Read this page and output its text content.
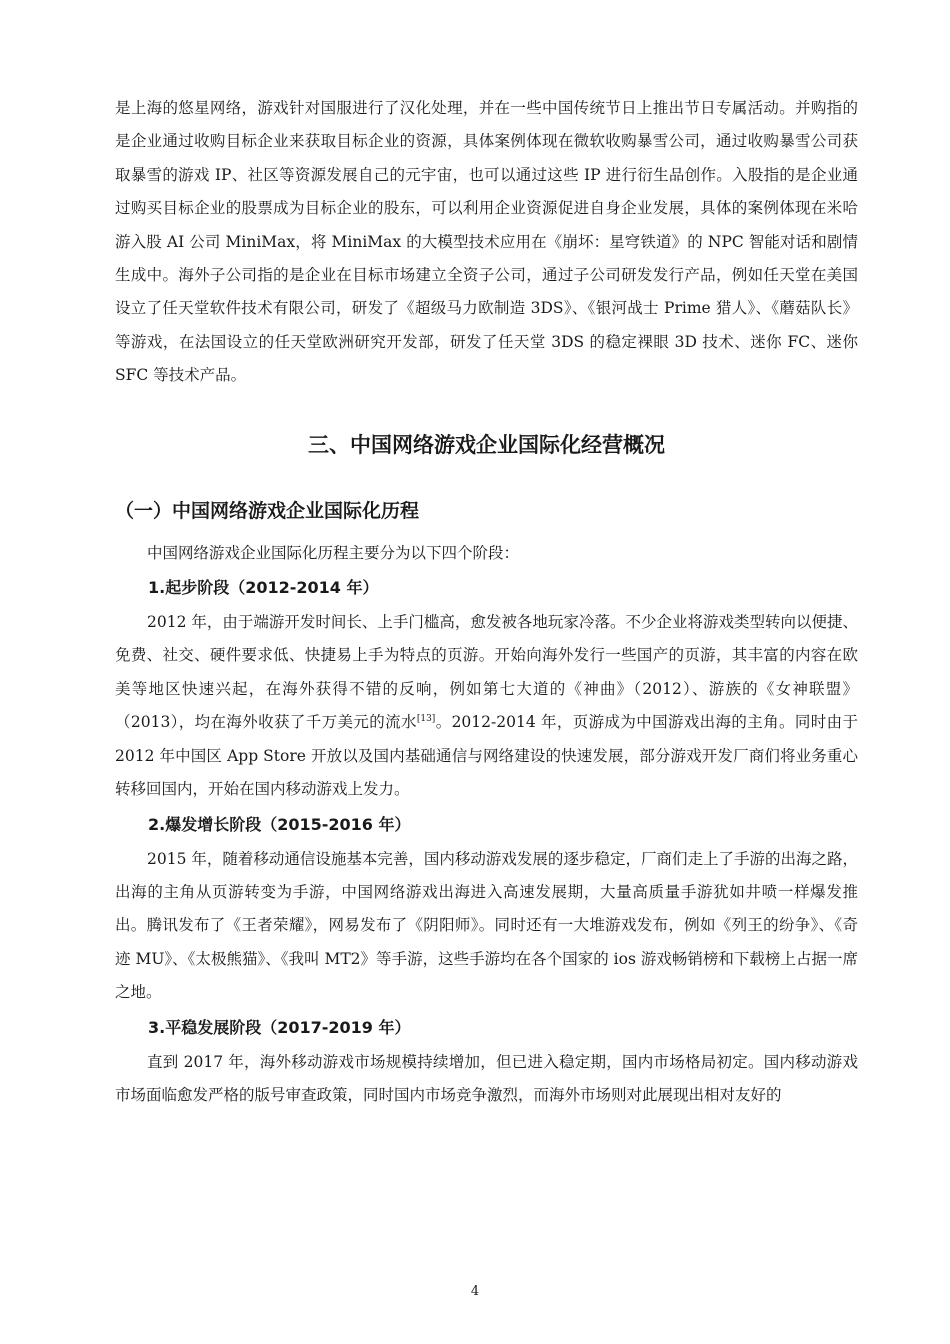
是上海的悠星网络，游戏针对国服进行了汉化处理，并在一些中国传统节日上推出节日专属活动。并购指的是企业通过收购目标企业来获取目标企业的资源，具体案例体现在微软收购暴雪公司，通过收购暴雪公司获取暴雪的游戏 IP、社区等资源发展自己的元宇宙，也可以通过这些 IP 进行衍生品创作。入股指的是企业通过购买目标企业的股票成为目标企业的股东，可以利用企业资源促进自身企业发展，具体的案例体现在米哈游入股 AI 公司 MiniMax，将 MiniMax 的大模型技术应用在《崩坏：星穹铁道》的 NPC 智能对话和剧情生成中。海外子公司指的是企业在目标市场建立全资子公司，通过子公司研发发行产品，例如任天堂在美国设立了任天堂软件技术有限公司，研发了《超级马力欧制造 3DS》、《银河战士 Prime 猎人》、《蘑菇队长》等游戏，在法国设立的任天堂欧洲研究开发部，研发了任天堂 3DS 的稳定裸眼 3D 技术、迷你 FC、迷你 SFC 等技术产品。

三、中国网络游戏企业国际化经营概况
（一）中国网络游戏企业国际化历程

中国网络游戏企业国际化历程主要分为以下四个阶段：

1.起步阶段（2012-2014 年）

2012 年，由于端游开发时间长、上手门槛高，愈发被各地玩家冷落。不少企业将游戏类型转向以便捷、免费、社交、硬件要求低、快捷易上手为特点的页游。开始向海外发行一些国产的页游，其丰富的内容在欧美等地区快速兴起，在海外获得不错的反响，例如第七大道的《神曲》（2012）、游族的《女神联盟》（2013），均在海外收获了千万美元的流水[13]。2012-2014 年，页游成为中国游戏出海的主角。同时由于 2012 年中国区 App Store 开放以及国内基础通信与网络建设的快速发展，部分游戏开发厂商们将业务重心转移回国内，开始在国内移动游戏上发力。

2.爆发增长阶段（2015-2016 年）

2015 年，随着移动通信设施基本完善，国内移动游戏发展的逐步稳定，厂商们走上了手游的出海之路，出海的主角从页游转变为手游，中国网络游戏出海进入高速发展期，大量高质量手游犹如井喷一样爆发推出。腾讯发布了《王者荣耀》，网易发布了《阴阳师》。同时还有一大堆游戏发布，例如《列王的纷争》、《奇迹 MU》、《太极熊猫》、《我叫 MT2》等手游，这些手游均在各个国家的 ios 游戏畅销榜和下载榜上占据一席之地。

3.平稳发展阶段（2017-2019 年）

直到 2017 年，海外移动游戏市场规模持续增加，但已进入稳定期，国内市场格局初定。国内移动游戏市场面临愈发严格的版号审查政策，同时国内市场竞争激烈，而海外市场则对此展现出相对友好的

4
